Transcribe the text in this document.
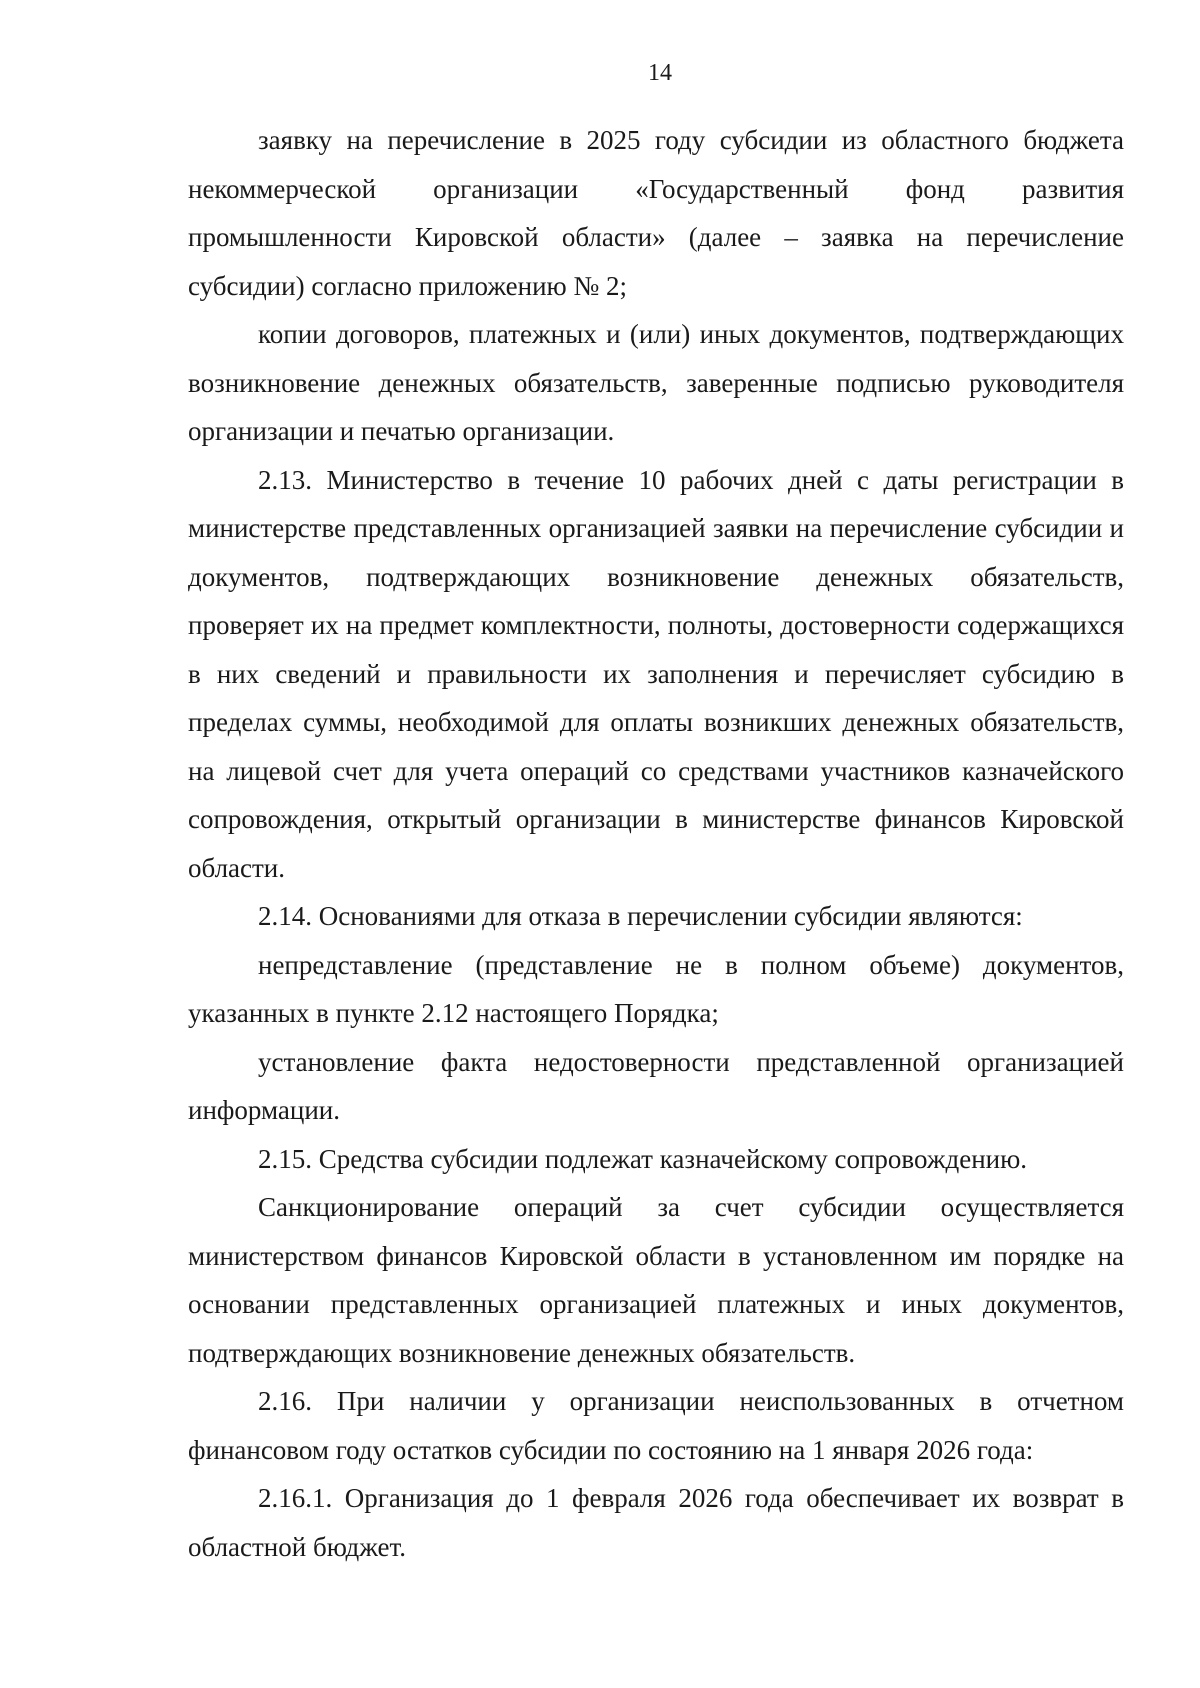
14

заявку на перечисление в 2025 году субсидии из областного бюджета некоммерческой организации «Государственный фонд развития промышленности Кировской области» (далее – заявка на перечисление субсидии) согласно приложению № 2;

копии договоров, платежных и (или) иных документов, подтверждающих возникновение денежных обязательств, заверенные подписью руководителя организации и печатью организации.

2.13. Министерство в течение 10 рабочих дней с даты регистрации в министерстве представленных организацией заявки на перечисление субсидии и документов, подтверждающих возникновение денежных обязательств, проверяет их на предмет комплектности, полноты, достоверности содержащихся в них сведений и правильности их заполнения и перечисляет субсидию в пределах суммы, необходимой для оплаты возникших денежных обязательств, на лицевой счет для учета операций со средствами участников казначейского сопровождения, открытый организации в министерстве финансов Кировской области.

2.14. Основаниями для отказа в перечислении субсидии являются:

непредставление (представление не в полном объеме) документов, указанных в пункте 2.12 настоящего Порядка;

установление факта недостоверности представленной организацией информации.

2.15. Средства субсидии подлежат казначейскому сопровождению.

Санкционирование операций за счет субсидии осуществляется министерством финансов Кировской области в установленном им порядке на основании представленных организацией платежных и иных документов, подтверждающих возникновение денежных обязательств.

2.16. При наличии у организации неиспользованных в отчетном финансовом году остатков субсидии по состоянию на 1 января 2026 года:

2.16.1. Организация до 1 февраля 2026 года обеспечивает их возврат в областной бюджет.
